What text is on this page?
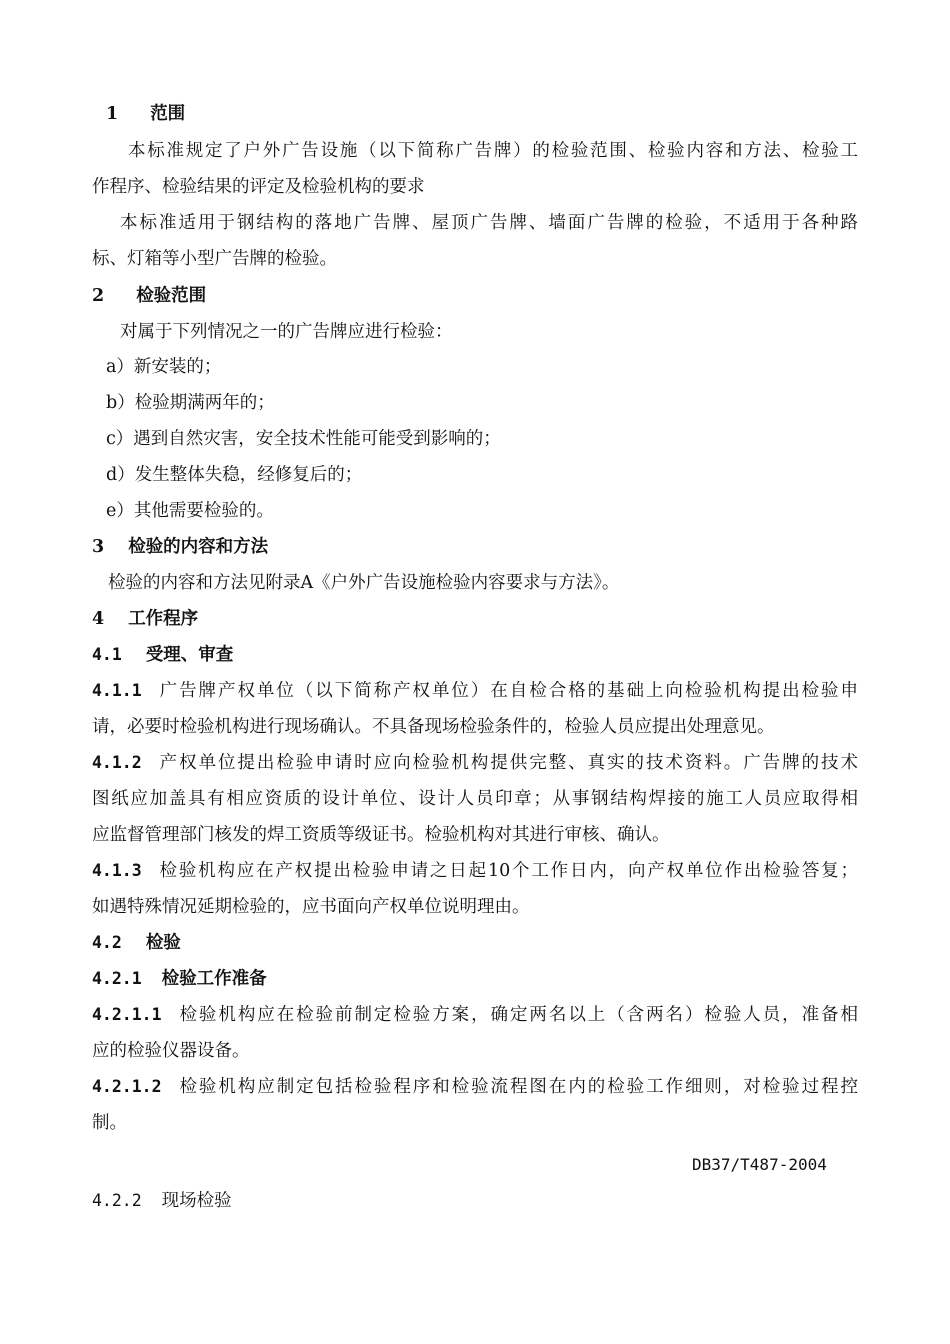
1 范围
本标准规定了户外广告设施（以下简称广告牌）的检验范围、检验内容和方法、检验工
作程序、检验结果的评定及检验机构的要求
本标准适用于钢结构的落地广告牌、屋顶广告牌、墙面广告牌的检验，不适用于各种路
标、灯箱等小型广告牌的检验。
2 检验范围
对属于下列情况之一的广告牌应进行检验：
a）新安装的；
b）检验期满两年的；
c）遇到自然灾害，安全技术性能可能受到影响的；
d）发生整体失稳，经修复后的；
e）其他需要检验的。
3 检验的内容和方法
检验的内容和方法见附录A《户外广告设施检验内容要求与方法》。
4 工作程序
4.1 受理、审查
4.1.1 广告牌产权单位（以下简称产权单位）在自检合格的基础上向检验机构提出检验申
请，必要时检验机构进行现场确认。不具备现场检验条件的，检验人员应提出处理意见。
4.1.2 产权单位提出检验申请时应向检验机构提供完整、真实的技术资料。广告牌的技术
图纸应加盖具有相应资质的设计单位、设计人员印章；从事钢结构焊接的施工人员应取得相
应监督管理部门核发的焊工资质等级证书。检验机构对其进行审核、确认。
4.1.3 检验机构应在产权提出检验申请之日起10个工作日内，向产权单位作出检验答复；
如遇特殊情况延期检验的，应书面向产权单位说明理由。
4.2 检验
4.2.1 检验工作准备
4.2.1.1 检验机构应在检验前制定检验方案，确定两名以上（含两名）检验人员，准备相
应的检验仪器设备。
4.2.1.2 检验机构应制定包括检验程序和检验流程图在内的检验工作细则，对检验过程控
制。
DB37/T487-2004
4.2.2 现场检验
